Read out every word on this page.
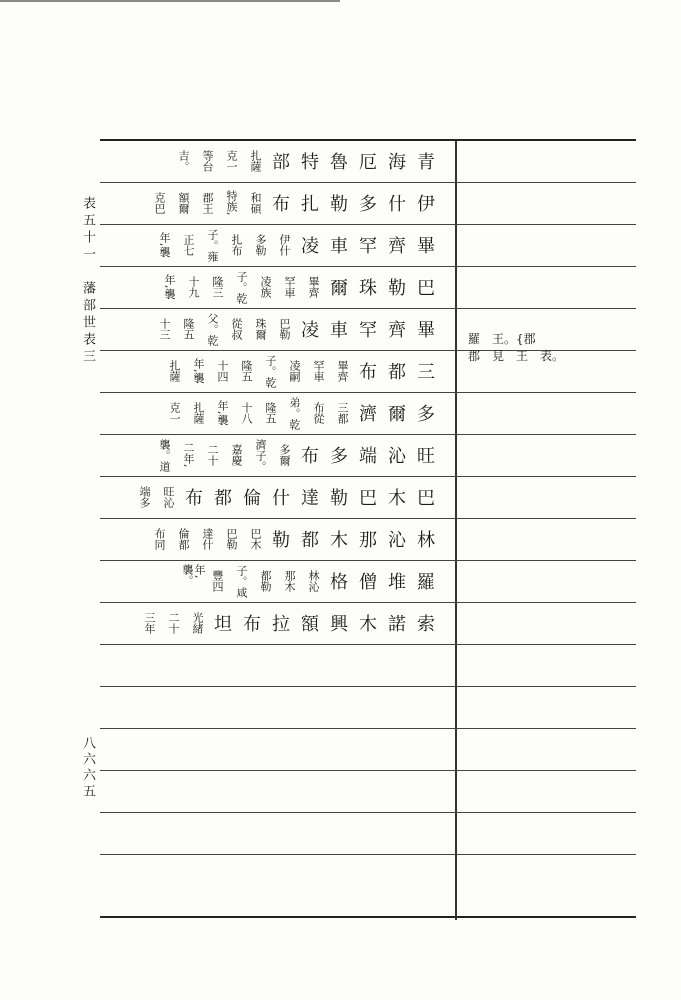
表五十一　藩部世表三
八六六五
青
海
厄
魯
特
部
扎薩
克一
等台
吉。
伊
什
多
勒
扎
布
和碩
特族,
郡王
額爾
克巴
畢
齊
罕
車
凌
伊什
多勒
扎布
子。雍
正七
年,襲
巴
勒
珠
爾
畢齊
罕車
凌族
子。乾
隆三
十九
年,襲
畢
齊
罕
車
凌
巴勒
珠爾
從叔
父。乾
隆五
十三
三
都
布
畢齊
罕車
凌嗣
子。乾
隆五
十四
年,襲
扎薩
多
爾
濟
三都
布從
弟。乾
隆五
十八
年,襲
扎薩
克一
旺
沁
端
多
布
多爾
濟子。
嘉慶
二十
二年,
襲。道
巴
木
巴
勒
達
什
倫
都
布
旺沁
端多
林
沁
那
木
都
勒
巴木
巴勒
達什
倫都
布同
羅
堆
僧
格
林沁
那木
都勒
子。咸
豐四
年,襲。
索
諾
木
興
額
拉
布
坦
光緒
二十
三年
羅　王。{郡
郡　見　王　表。
